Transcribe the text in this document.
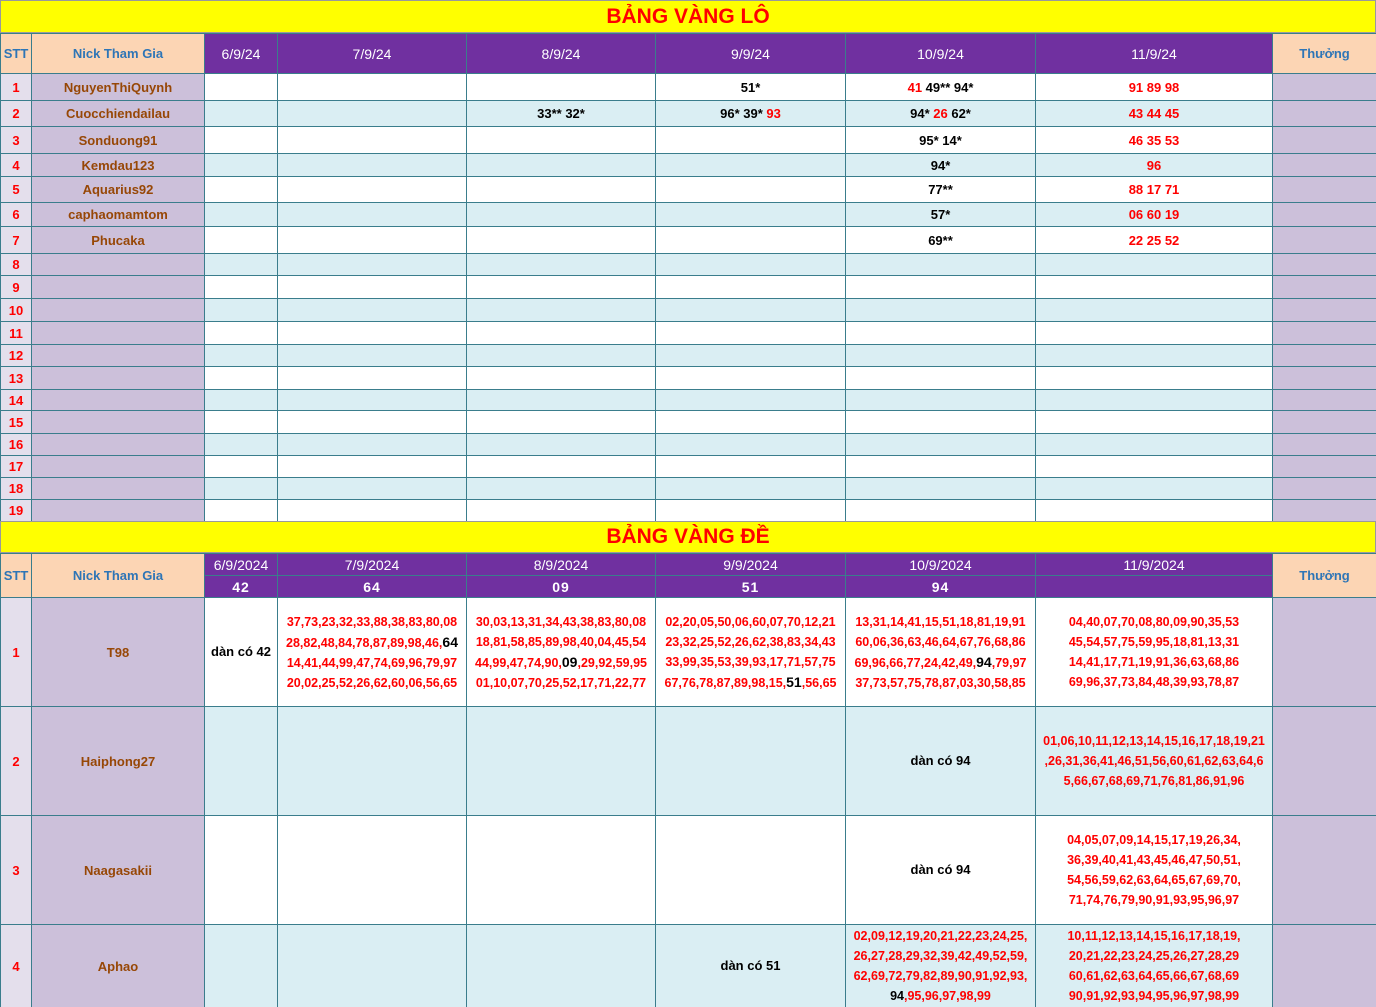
BẢNG VÀNG LÔ
STT	Nick Tham Gia	6/9/24	7/9/24	8/9/24	9/9/24	10/9/24	11/9/24	Thưởng
1	NguyenThiQuynh				51*	41 49** 94*	91 89 98	
2	Cuocchiendailau			33** 32*	96* 39* 93	94* 26 62*	43 44 45	
3	Sonduong91					95* 14*	46 35 53	
4	Kemdau123					94*	96	
5	Aquarius92					77**	88 17 71	
6	caphaomamtom					57*	06 60 19	
7	Phucaka					69**	22 25 52	
8								
9								
10								
11								
12								
13								
14								
15								
16								
17								
18								
19								
BẢNG VÀNG ĐỀ
STT	Nick Tham Gia	6/9/2024	7/9/2024	8/9/2024	9/9/2024	10/9/2024	11/9/2024	Thưởng
		42	64	09	51	94		
1	T98	dàn có 42	37,73,23,32,33,88,38,83,80,08
28,82,48,84,78,87,89,98,46,64
14,41,44,99,47,74,69,96,79,97
20,02,25,52,26,62,60,06,56,65	30,03,13,31,34,43,38,83,80,08
18,81,58,85,89,98,40,04,45,54
44,99,47,74,90,09,29,92,59,95
01,10,07,70,25,52,17,71,22,77	02,20,05,50,06,60,07,70,12,21
23,32,25,52,26,62,38,83,34,43
33,99,35,53,39,93,17,71,57,75
67,76,78,87,89,98,15,51,56,65	13,31,14,41,15,51,18,81,19,91
60,06,36,63,46,64,67,76,68,86
69,96,66,77,24,42,49,94,79,97
37,73,57,75,78,87,03,30,58,85	04,40,07,70,08,80,09,90,35,53
45,54,57,75,59,95,18,81,13,31
14,41,17,71,19,91,36,63,68,86
69,96,37,73,84,48,39,93,78,87	

2	Haiphong27					dàn có 94	01,06,10,11,12,13,14,15,16,17,18,19,21
,26,31,36,41,46,51,56,60,61,62,63,64,6
5,66,67,68,69,71,76,81,86,91,96	

3	Naagasakii					dàn có 94	04,05,07,09,14,15,17,19,26,34,
36,39,40,41,43,45,46,47,50,51,
54,56,59,62,63,64,65,67,69,70,
71,74,76,79,90,91,93,95,96,97	

4	Aphao				dàn có 51	02,09,12,19,20,21,22,23,24,25,
26,27,28,29,32,39,42,49,52,59,
62,69,72,79,82,89,90,91,92,93,
94,95,96,97,98,99	10,11,12,13,14,15,16,17,18,19,
20,21,22,23,24,25,26,27,28,29
60,61,62,63,64,65,66,67,68,69
90,91,92,93,94,95,96,97,98,99	
